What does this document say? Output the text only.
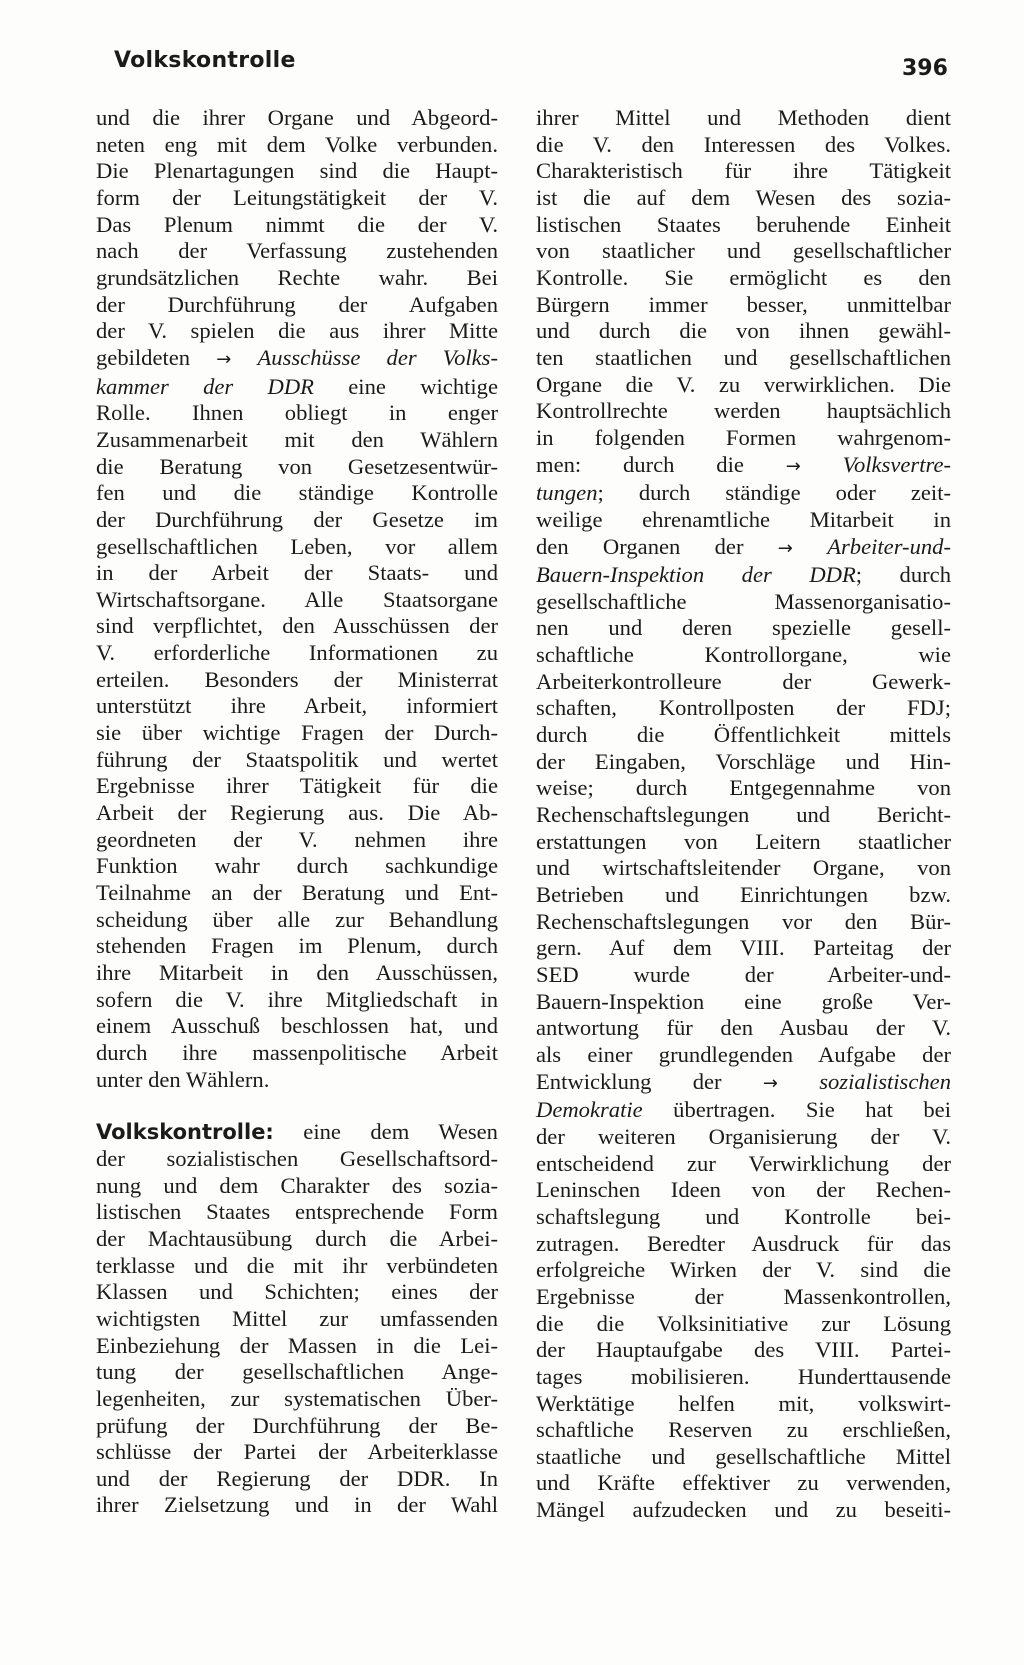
Volkskontrolle	396
und die ihrer Organe und Abgeord-
neten eng mit dem Volke verbunden.
Die Plenartagungen sind die Haupt-
form der Leitungstätigkeit der V.
Das Plenum nimmt die der V.
nach der Verfassung zustehenden
grundsätzlichen Rechte wahr. Bei
der Durchführung der Aufgaben
der V. spielen die aus ihrer Mitte
gebildeten → Ausschüsse der Volks-
kammer der DDR eine wichtige
Rolle. Ihnen obliegt in enger
Zusammenarbeit mit den Wählern
die Beratung von Gesetzesentwür-
fen und die ständige Kontrolle
der Durchführung der Gesetze im
gesellschaftlichen Leben, vor allem
in der Arbeit der Staats- und
Wirtschaftsorgane. Alle Staatsorgane
sind verpflichtet, den Ausschüssen der
V. erforderliche Informationen zu
erteilen. Besonders der Ministerrat
unterstützt ihre Arbeit, informiert
sie über wichtige Fragen der Durch-
führung der Staatspolitik und wertet
Ergebnisse ihrer Tätigkeit für die
Arbeit der Regierung aus. Die Ab-
geordneten der V. nehmen ihre
Funktion wahr durch sachkundige
Teilnahme an der Beratung und Ent-
scheidung über alle zur Behandlung
stehenden Fragen im Plenum, durch
ihre Mitarbeit in den Ausschüssen,
sofern die V. ihre Mitgliedschaft in
einem Ausschuß beschlossen hat, und
durch ihre massenpolitische Arbeit
unter den Wählern.
Volkskontrolle: eine dem Wesen
der sozialistischen Gesellschaftsord-
nung und dem Charakter des sozia-
listischen Staates entsprechende Form
der Machtausübung durch die Arbei-
terklasse und die mit ihr verbündeten
Klassen und Schichten; eines der
wichtigsten Mittel zur umfassenden
Einbeziehung der Massen in die Lei-
tung der gesellschaftlichen Ange-
legenheiten, zur systematischen Über-
prüfung der Durchführung der Be-
schlüsse der Partei der Arbeiterklasse
und der Regierung der DDR. In
ihrer Zielsetzung und in der Wahl
ihrer Mittel und Methoden dient
die V. den Interessen des Volkes.
Charakteristisch für ihre Tätigkeit
ist die auf dem Wesen des sozia-
listischen Staates beruhende Einheit
von staatlicher und gesellschaftlicher
Kontrolle. Sie ermöglicht es den
Bürgern immer besser, unmittelbar
und durch die von ihnen gewähl-
ten staatlichen und gesellschaftlichen
Organe die V. zu verwirklichen. Die
Kontrollrechte werden hauptsächlich
in folgenden Formen wahrgenom-
men: durch die → Volksvertre-
tungen; durch ständige oder zeit-
weilige ehrenamtliche Mitarbeit in
den Organen der → Arbeiter-und-
Bauern-Inspektion der DDR; durch
gesellschaftliche Massenorganisatio-
nen und deren spezielle gesell-
schaftliche Kontrollorgane, wie
Arbeiterkontrolleure der Gewerk-
schaften, Kontrollposten der FDJ;
durch die Öffentlichkeit mittels
der Eingaben, Vorschläge und Hin-
weise; durch Entgegennahme von
Rechenschaftslegungen und Bericht-
erstattungen von Leitern staatlicher
und wirtschaftsleitender Organe, von
Betrieben und Einrichtungen bzw.
Rechenschaftslegungen vor den Bür-
gern. Auf dem VIII. Parteitag der
SED wurde der Arbeiter-und-
Bauern-Inspektion eine große Ver-
antwortung für den Ausbau der V.
als einer grundlegenden Aufgabe der
Entwicklung der → sozialistischen
Demokratie übertragen. Sie hat bei
der weiteren Organisierung der V.
entscheidend zur Verwirklichung der
Leninschen Ideen von der Rechen-
schaftslegung und Kontrolle bei-
zutragen. Beredter Ausdruck für das
erfolgreiche Wirken der V. sind die
Ergebnisse der Massenkontrollen,
die die Volksinitiative zur Lösung
der Hauptaufgabe des VIII. Partei-
tages mobilisieren. Hunderttausende
Werktätige helfen mit, volkswirt-
schaftliche Reserven zu erschließen,
staatliche und gesellschaftliche Mittel
und Kräfte effektiver zu verwenden,
Mängel aufzudecken und zu beseiti-
